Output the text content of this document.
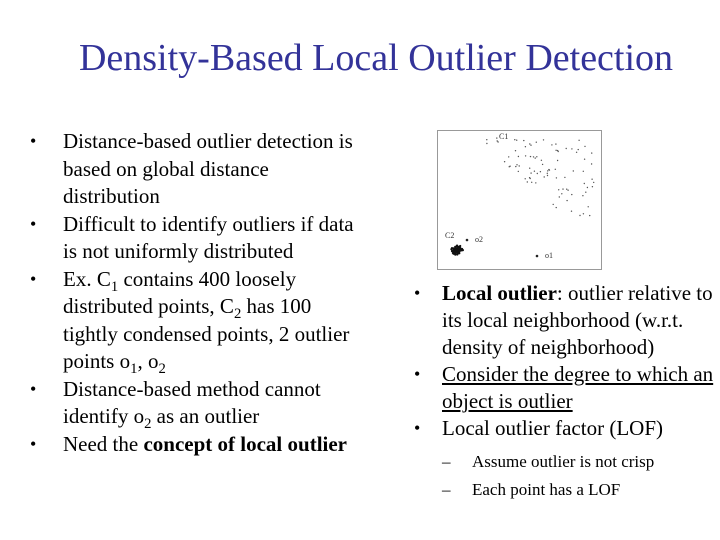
Density-Based Local Outlier Detection
• Distance-based outlier detection is based on global distance distribution
• Difficult to identify outliers if data is not uniformly distributed
• Ex. $C_1$ contains 400 loosely distributed points, $C_2$ has 100 tightly condensed points, 2 outlier points $o_1$, $o_2$
• Distance-based method cannot identify $o_2$ as an outlier
• Need the concept of local outlier
C1
C2	o2
o1
• Local outlier: outlier relative to its local neighborhood (w.r.t. density of neighborhood)
• Consider the degree to which an object is outlier
• Local outlier factor (LOF)
– Assume outlier is not crisp
– Each point has a LOF
